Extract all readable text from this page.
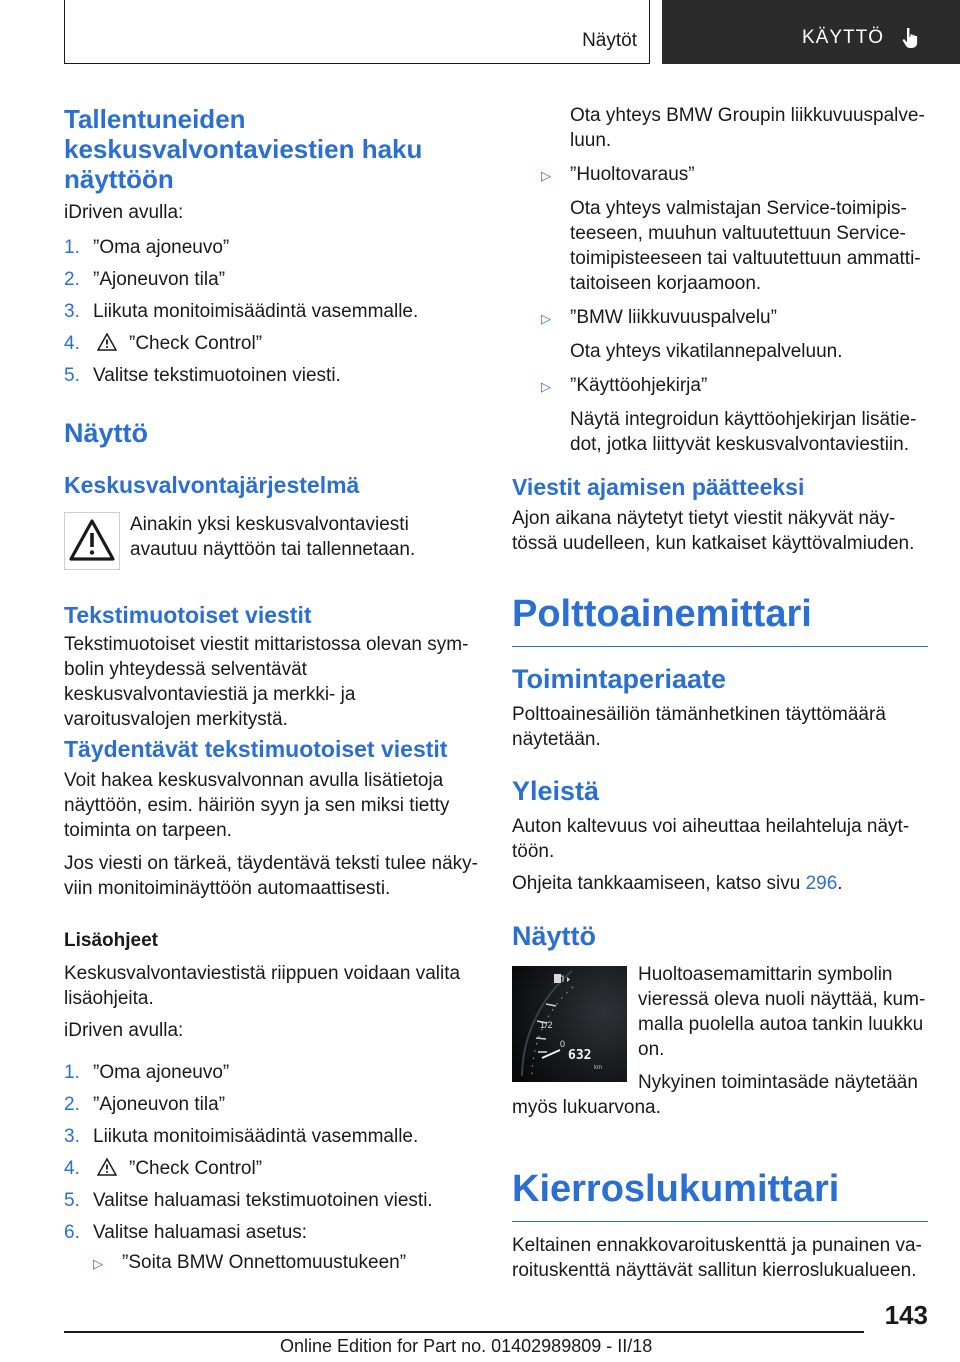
Näytöt	KÄYTTÖ
Tallentuneiden keskusvalvontaviestien haku näyttöön
iDriven avulla:
1. ”Oma ajoneuvo”
2. ”Ajoneuvon tila”
3. Liikuta monitoimisäädintä vasemmalle.
4.	”Check Control”
5. Valitse tekstimuotoinen viesti.
Näyttö
Keskusvalvontajärjestelmä
Ainakin yksi keskusvalvontaviesti avautuu näyttöön tai tallennetaan.
Tekstimuotoiset viestit
Tekstimuotoiset viestit mittaristossa olevan symbolin yhteydessä selventävät keskusvalvontaviestiä ja merkki- ja varoitusvalojen merkitystä.
Täydentävät tekstimuotoiset viestit
Voit hakea keskusvalvonnan avulla lisätietoja näyttöön, esim. häiriön syyn ja sen miksi tietty toiminta on tarpeen.
Jos viesti on tärkeä, täydentävä teksti tulee näkyviin monitoiminäyttöön automaattisesti.
Lisäohjeet
Keskusvalvontaviestistä riippuen voidaan valita lisäohjeita.
iDriven avulla:
1. ”Oma ajoneuvo”
2. ”Ajoneuvon tila”
3. Liikuta monitoimisäädintä vasemmalle.
4.	”Check Control”
5. Valitse haluamasi tekstimuotoinen viesti.
6. Valitse haluamasi asetus:
▷	”Soita BMW Onnettomuustukeen”
Ota yhteys BMW Groupin liikkuvuuspalveluun.
▷	”Huoltovaraus”
Ota yhteys valmistajan Service-toimipisteeseen, muuhun valtuutettuun Service-toimipisteeseen tai valtuutettuun ammattitaitoiseen korjaamoon.
▷	”BMW liikkuvuuspalvelu”
Ota yhteys vikatilannepalveluun.
▷	”Käyttöohjekirja”
Näytä integroidun käyttöohjekirjan lisätiedot, jotka liittyvät keskusvalvontaviestiin.
Viestit ajamisen päätteeksi
Ajon aikana näytetyt tietyt viestit näkyvät näytössä uudelleen, kun katkaiset käyttövalmiuden.
Polttoainemittari
Toimintaperiaate
Polttoainesäiliön tämänhetkinen täyttömäärä näytetään.
Yleistä
Auton kaltevuus voi aiheuttaa heilahteluja näyttöön.
Ohjeita tankkaamiseen, katso sivu 296.
Näyttö
1/2
0
632
km
Huoltoasemamittarin symbolin vieressä oleva nuoli näyttää, kummalla puolella autoa tankin luukku on.
Nykyinen toimintasäde näytetään
myös lukuarvona.
Kierroslukumittari
Keltainen ennakkovaroituskenttä ja punainen varoituskenttä näyttävät sallitun kierroslukualueen.
143
Online Edition for Part no. 01402989809 - II/18
